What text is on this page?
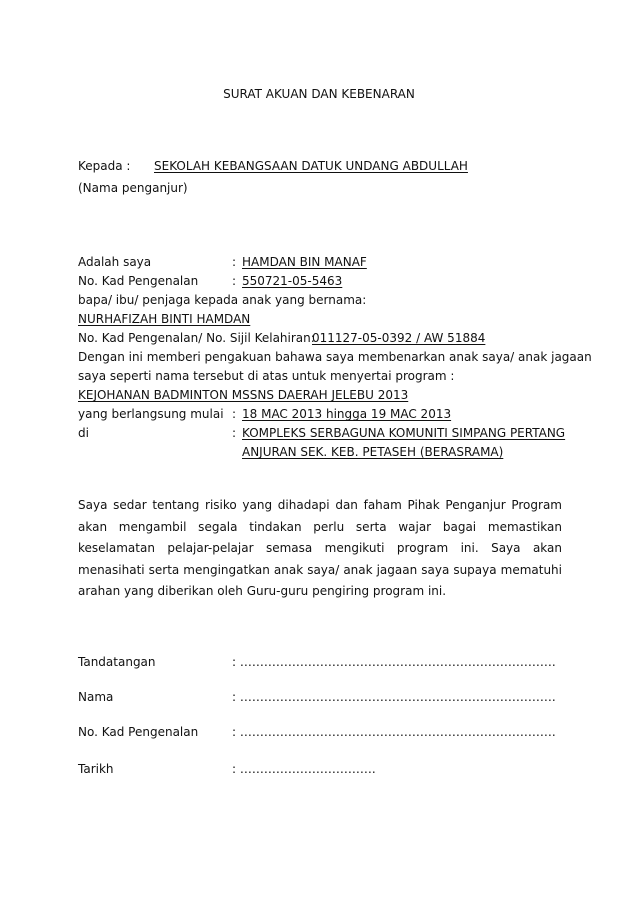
SURAT AKUAN DAN KEBENARAN
Kepada : SEKOLAH KEBANGSAAN DATUK UNDANG ABDULLAH
(Nama penganjur)
Adalah saya	: HAMDAN BIN MANAF
No. Kad Pengenalan	: 550721-05-5463
bapa/ ibu/ penjaga kepada anak yang bernama:
NURHAFIZAH BINTI HAMDAN
No. Kad Pengenalan/ No. Sijil Kelahiran:
011127-05-0392 / AW 51884
Dengan ini memberi pengakuan bahawa saya membenarkan anak saya/ anak jagaan
saya seperti nama tersebut di atas untuk menyertai program :
KEJOHANAN BADMINTON MSSNS DAERAH JELEBU 2013
yang berlangsung mulai : 18 MAC 2013 hingga 19 MAC 2013
di	: KOMPLEKS SERBAGUNA KOMUNITI SIMPANG PERTANG
ANJURAN SEK. KEB. PETASEH (BERASRAMA)
Saya sedar tentang risiko yang dihadapi dan faham Pihak Penganjur Program akan mengambil segala tindakan perlu serta wajar bagai memastikan keselamatan pelajar-pelajar semasa mengikuti program ini. Saya akan menasihati serta mengingatkan anak saya/ anak jagaan saya supaya mematuhi arahan yang diberikan oleh Guru-guru pengiring program ini.
Tandatangan	: …………………………………………………………………….
Nama	: …………………………………………………………………….
No. Kad Pengenalan	: …………………………………………………………………….
Tarikh	: …………………………….
